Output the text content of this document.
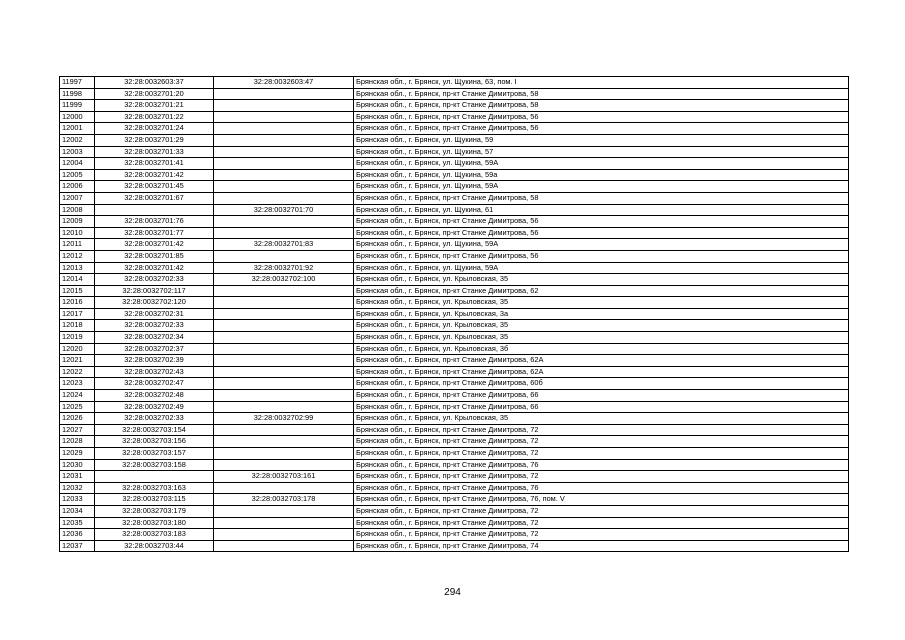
11997	32:28:0032603:37	32:28:0032603:47	Брянская обл., г. Брянск, ул. Щукина, 63, пом. I
11998	32:28:0032701:20		Брянская обл., г. Брянск, пр-кт Станке Димитрова, 58
11999	32:28:0032701:21		Брянская обл., г. Брянск, пр-кт Станке Димитрова, 58
12000	32:28:0032701:22		Брянская обл., г. Брянск, пр-кт Станке Димитрова, 56
12001	32:28:0032701:24		Брянская обл., г. Брянск, пр-кт Станке Димитрова, 56
12002	32:28:0032701:29		Брянская обл., г. Брянск, ул. Щукина, 59
12003	32:28:0032701:33		Брянская обл., г. Брянск, ул. Щукина, 57
12004	32:28:0032701:41		Брянская обл., г. Брянск, ул. Щукина, 59А
12005	32:28:0032701:42		Брянская обл., г. Брянск, ул. Щукина, 59а
12006	32:28:0032701:45		Брянская обл., г. Брянск, ул. Щукина, 59А
12007	32:28:0032701:67		Брянская обл., г. Брянск, пр-кт Станке Димитрова, 58
12008		32:28:0032701:70	Брянская обл., г. Брянск, ул. Щукина, 61
12009	32:28:0032701:76		Брянская обл., г. Брянск, пр-кт Станке Димитрова, 56
12010	32:28:0032701:77		Брянская обл., г. Брянск, пр-кт Станке Димитрова, 56
12011	32:28:0032701:42	32:28:0032701:83	Брянская обл., г. Брянск, ул. Щукина, 59А
12012	32:28:0032701:85		Брянская обл., г. Брянск, пр-кт Станке Димитрова, 56
12013	32:28:0032701:42	32:28:0032701:92	Брянская обл., г. Брянск, ул. Щукина, 59А
12014	32:28:0032702:33	32:28:0032702:100	Брянская обл., г. Брянск, ул. Крыловская, 35
12015	32:28:0032702:117		Брянская обл., г. Брянск, пр-кт Станке Димитрова, 62
12016	32:28:0032702:120		Брянская обл., г. Брянск, ул. Крыловская, 35
12017	32:28:0032702:31		Брянская обл., г. Брянск, ул. Крыловская, 3а
12018	32:28:0032702:33		Брянская обл., г. Брянск, ул. Крыловская, 35
12019	32:28:0032702:34		Брянская обл., г. Брянск, ул. Крыловская, 35
12020	32:28:0032702:37		Брянская обл., г. Брянск, ул. Крыловская, 3б
12021	32:28:0032702:39		Брянская обл., г. Брянск, пр-кт Станке Димитрова, 62А
12022	32:28:0032702:43		Брянская обл., г. Брянск, пр-кт Станке Димитрова, 62А
12023	32:28:0032702:47		Брянская обл., г. Брянск, пр-кт Станке Димитрова, 60б
12024	32:28:0032702:48		Брянская обл., г. Брянск, пр-кт Станке Димитрова, 66
12025	32:28:0032702:49		Брянская обл., г. Брянск, пр-кт Станке Димитрова, 66
12026	32:28:0032702:33	32:28:0032702:99	Брянская обл., г. Брянск, ул. Крыловская, 35
12027	32:28:0032703:154		Брянская обл., г. Брянск, пр-кт Станке Димитрова, 72
12028	32:28:0032703:156		Брянская обл., г. Брянск, пр-кт Станке Димитрова, 72
12029	32:28:0032703:157		Брянская обл., г. Брянск, пр-кт Станке Димитрова, 72
12030	32:28:0032703:158		Брянская обл., г. Брянск, пр-кт Станке Димитрова, 76
12031		32:28:0032703:161	Брянская обл., г. Брянск, пр-кт Станке Димитрова, 72
12032	32:28:0032703:163		Брянская обл., г. Брянск, пр-кт Станке Димитрова, 76
12033	32:28:0032703:115	32:28:0032703:178	Брянская обл., г. Брянск, пр-кт Станке Димитрова, 76, пом. V
12034	32:28:0032703:179		Брянская обл., г. Брянск, пр-кт Станке Димитрова, 72
12035	32:28:0032703:180		Брянская обл., г. Брянск, пр-кт Станке Димитрова, 72
12036	32:28:0032703:183		Брянская обл., г. Брянск, пр-кт Станке Димитрова, 72
12037	32:28:0032703:44		Брянская обл., г. Брянск, пр-кт Станке Димитрова, 74
294
